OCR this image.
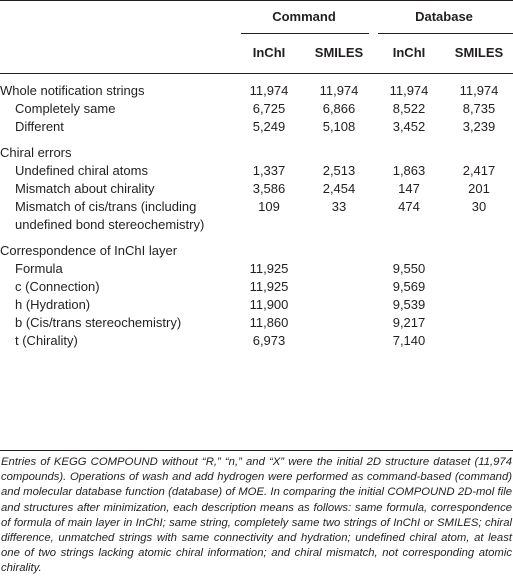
	Command		Database	
	InChI	SMILES	InChI	SMILES

Whole notification strings	11,974	11,974	11,974	11,974
Completely same	6,725	6,866	8,522	8,735
Different	5,249	5,108	3,452	3,239

Chiral errors				
Undefined chiral atoms	1,337	2,513	1,863	2,417
Mismatch about chirality	3,586	2,454	147	201
Mismatch of cis/trans (including	109	33	474	30
undefined bond stereochemistry)				

Correspondence of InChI layer				
Formula	11,925		9,550	
c (Connection)	11,925		9,569	
h (Hydration)	11,900		9,539	
b (Cis/trans stereochemistry)	11,860		9,217	
t (Chirality)	6,973		7,140	
Entries of KEGG COMPOUND without “R,” “n,” and “X” were the initial 2D structure dataset (11,974 compounds). Operations of wash and add hydrogen were performed as command-based (command) and molecular database function (database) of MOE. In comparing the initial COMPOUND 2D-mol file and structures after minimization, each description means as follows: same formula, correspondence of formula of main layer in InChI; same string, completely same two strings of InChI or SMILES; chiral difference, unmatched strings with same connectivity and hydration; undefined chiral atom, at least one of two strings lacking atomic chiral information; and chiral mismatch, not corresponding atomic chirality.
